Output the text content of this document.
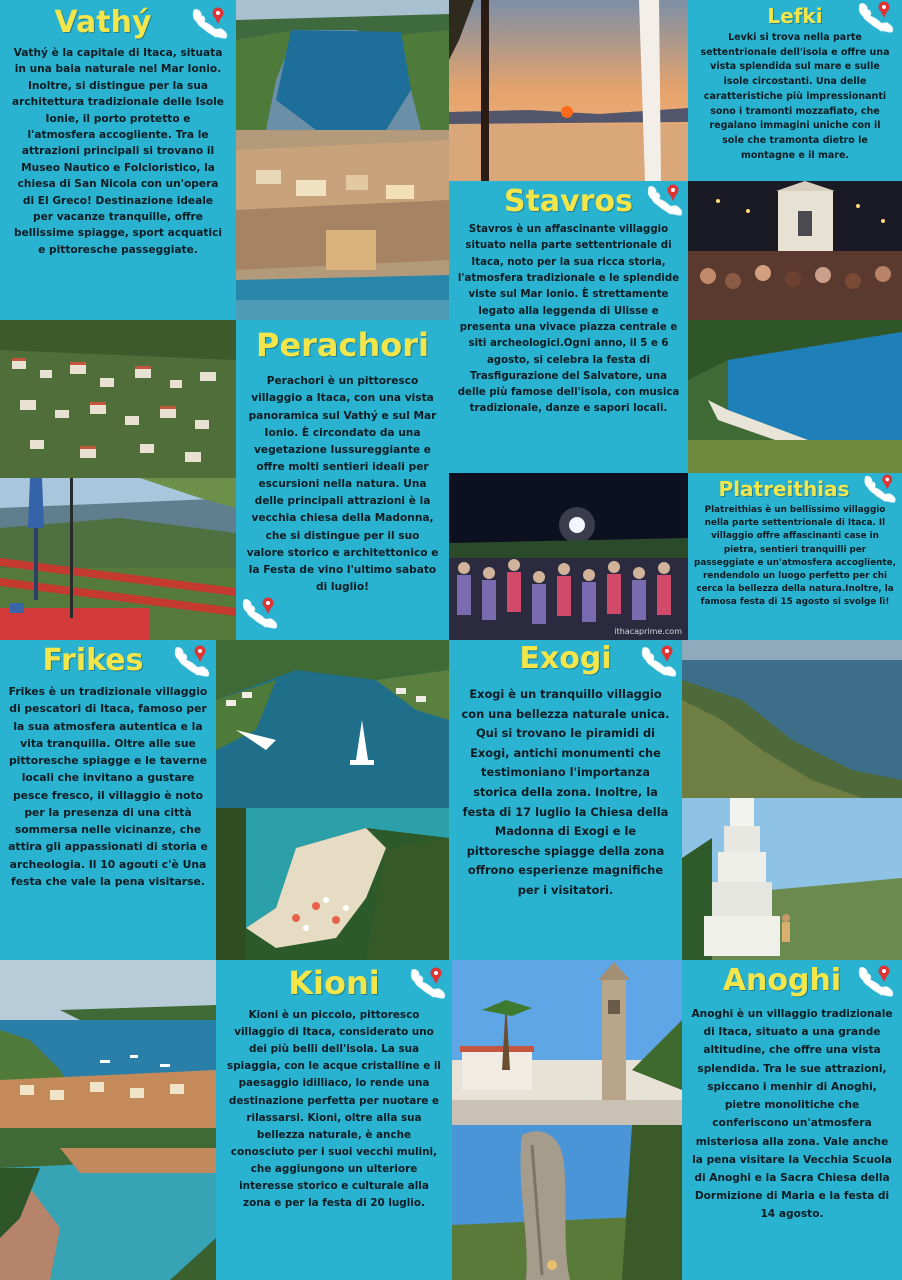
Vathý

Vathý è la capitale di Itaca, situata in una baia naturale nel Mar Ionio. Inoltre, si distingue per la sua architettura tradizionale delle Isole Ionie, il porto protetto e l'atmosfera accogliente. Tra le attrazioni principali si trovano il Museo Nautico e Folcloristico, la chiesa di San Nicola con un'opera di El Greco! Destinazione ideale per vacanze tranquille, offre bellissime spiagge, sport acquatici e pittoresche passeggiate.

Lefki

Levki si trova nella parte settentrionale dell'isola e offre una vista splendida sul mare e sulle isole circostanti. Una delle caratteristiche più impressionanti sono i tramonti mozzafiato, che regalano immagini uniche con il sole che tramonta dietro le montagne e il mare.

Stavros

Stavros è un affascinante villaggio situato nella parte settentrionale di Itaca, noto per la sua ricca storia, l'atmosfera tradizionale e le splendide viste sul Mar Ionio. È strettamente legato alla leggenda di Ulisse e presenta una vivace piazza centrale e siti archeologici.Ogni anno, il 5 e 6 agosto, si celebra la festa di Trasfigurazione del Salvatore, una delle più famose dell'isola, con musica tradizionale, danze e sapori locali.

Perachori

Perachori è un pittoresco villaggio a Itaca, con una vista panoramica sul Vathý e sul Mar Ionio. È circondato da una vegetazione lussureggiante e offre molti sentieri ideali per escursioni nella natura. Una delle principali attrazioni è la vecchia chiesa della Madonna, che si distingue per il suo valore storico e architettonico e la Festa de vino l'ultimo sabato di luglio!

ithacaprime.com
Platreithias

Platreithias è un bellissimo villaggio nella parte settentrionale di Itaca. Il villaggio offre affascinanti case in pietra, sentieri tranquilli per passeggiate e un'atmosfera accogliente, rendendolo un luogo perfetto per chi cerca la bellezza della natura.Inoltre, la famosa festa di 15 agosto si svolge lì!

Frikes

Frikes è un tradizionale villaggio di pescatori di Itaca, famoso per la sua atmosfera autentica e la vita tranquilla. Oltre alle sue pittoresche spiagge e le taverne locali che invitano a gustare pesce fresco, il villaggio è noto per la presenza di una città sommersa nelle vicinanze, che attira gli appassionati di storia e archeologia. Il 10 agouti c'è Una festa che vale la pena visitarse.

Exogi

Exogi è un tranquillo villaggio con una bellezza naturale unica. Qui si trovano le piramidi di Exogi, antichi monumenti che testimoniano l'importanza storica della zona. Inoltre, la festa di 17 luglio la Chiesa della Madonna di Exogi e le pittoresche spiagge della zona offrono esperienze magnifiche per i visitatori.

Kioni

Kioni è un piccolo, pittoresco villaggio di Itaca, considerato uno dei più belli dell'isola. La sua spiaggia, con le acque cristalline e il paesaggio idilliaco, lo rende una destinazione perfetta per nuotare e rilassarsi. Kioni, oltre alla sua bellezza naturale, è anche conosciuto per i suoi vecchi mulini, che aggiungono un ulteriore interesse storico e culturale alla zona e per la festa di 20 luglio.

Anoghi

Anoghi è un villaggio tradizionale di Itaca, situato a una grande altitudine, che offre una vista splendida. Tra le sue attrazioni, spiccano i menhir di Anoghi, pietre monolitiche che conferiscono un'atmosfera misteriosa alla zona. Vale anche la pena visitare la Vecchia Scuola di Anoghi e la Sacra Chiesa della Dormizione di Maria e la festa di 14 agosto.
